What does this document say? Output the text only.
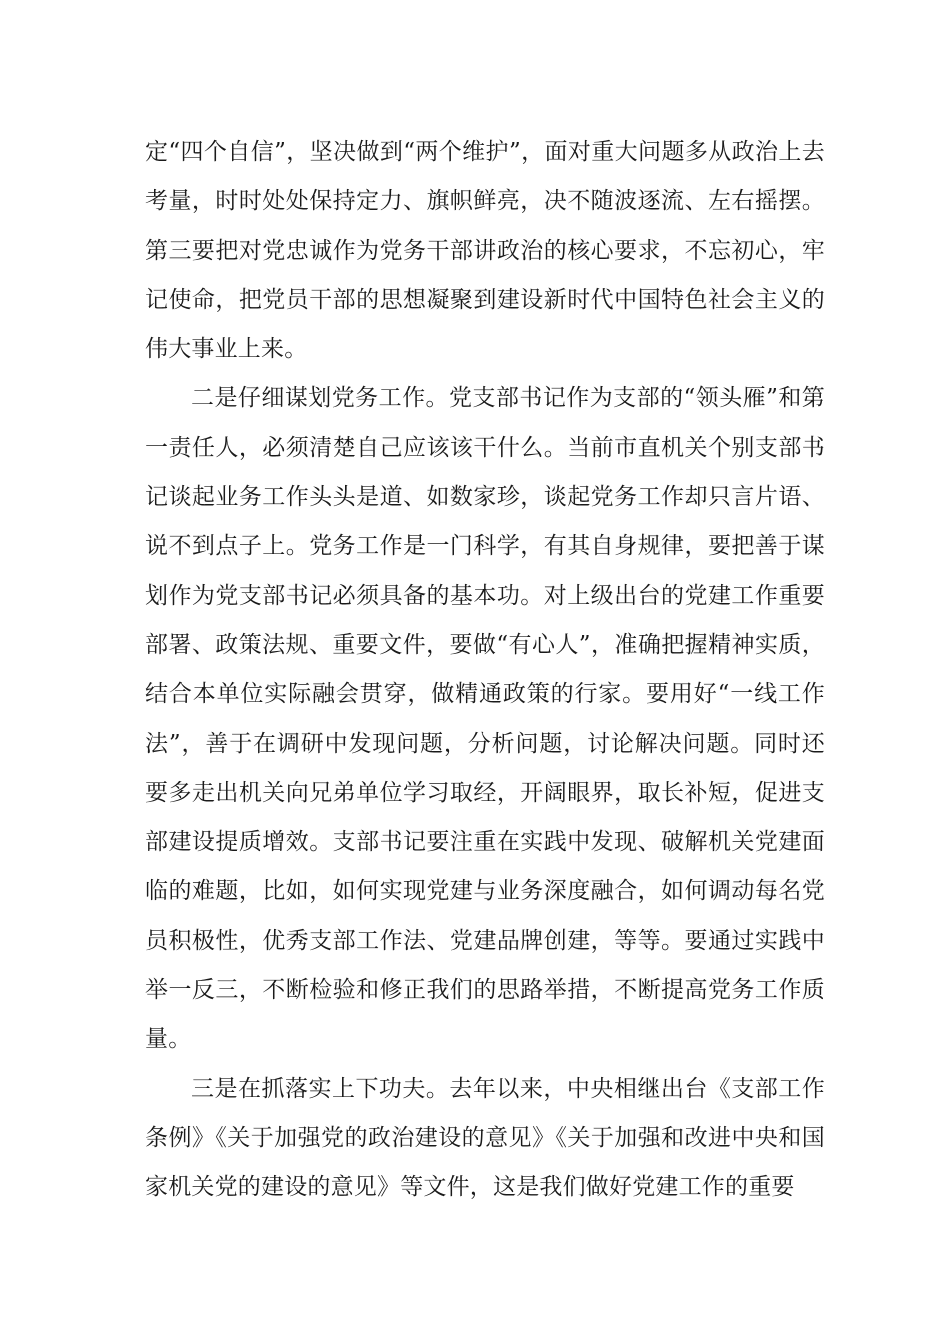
定“四个自信”，坚决做到“两个维护”，面对重大问题多从政治上去考量，时时处处保持定力、旗帜鲜亮，决不随波逐流、左右摇摆。第三要把对党忠诚作为党务干部讲政治的核心要求，不忘初心，牢记使命，把党员干部的思想凝聚到建设新时代中国特色社会主义的伟大事业上来。

二是仔细谋划党务工作。党支部书记作为支部的“领头雁”和第一责任人，必须清楚自己应该该干什么。当前市直机关个别支部书记谈起业务工作头头是道、如数家珍，谈起党务工作却只言片语、说不到点子上。党务工作是一门科学，有其自身规律，要把善于谋划作为党支部书记必须具备的基本功。对上级出台的党建工作重要部署、政策法规、重要文件，要做“有心人”，准确把握精神实质，结合本单位实际融会贯穿，做精通政策的行家。要用好“一线工作法”，善于在调研中发现问题，分析问题，讨论解决问题。同时还要多走出机关向兄弟单位学习取经，开阔眼界，取长补短，促进支部建设提质增效。支部书记要注重在实践中发现、破解机关党建面临的难题，比如，如何实现党建与业务深度融合，如何调动每名党员积极性，优秀支部工作法、党建品牌创建，等等。要通过实践中举一反三，不断检验和修正我们的思路举措，不断提高党务工作质量。

三是在抓落实上下功夫。去年以来，中央相继出台《支部工作条例》《关于加强党的政治建设的意见》《关于加强和改进中央和国家机关党的建设的意见》等文件，这是我们做好党建工作的重要
